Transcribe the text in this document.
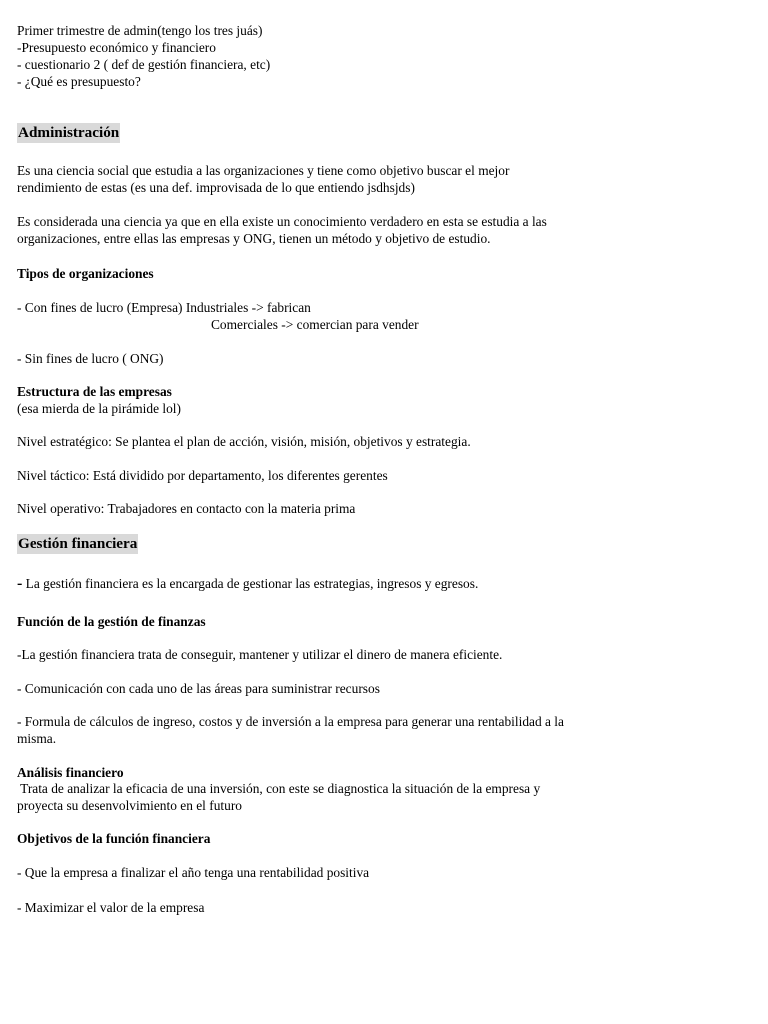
Primer trimestre de admin(tengo los tres juás)
-Presupuesto económico y financiero
- cuestionario 2 ( def de gestión financiera, etc)
- ¿Qué es presupuesto?
Administración
Es una ciencia social que estudia a las organizaciones y tiene como objetivo buscar el mejor
rendimiento de estas (es una def. improvisada de lo que entiendo jsdhsjds)
Es considerada una ciencia ya que en ella existe un conocimiento verdadero en esta se estudia a las
organizaciones, entre ellas las empresas y ONG, tienen un método y objetivo de estudio.
Tipos de organizaciones
- Con fines de lucro (Empresa) Industriales -> fabrican
Comerciales -> comercian para vender
- Sin fines de lucro ( ONG)
Estructura de las empresas
(esa mierda de la pirámide lol)
Nivel estratégico: Se plantea el plan de acción, visión, misión, objetivos y estrategia.
Nivel táctico: Está dividido por departamento, los diferentes gerentes
Nivel operativo: Trabajadores en contacto con la materia prima
Gestión financiera
- La gestión financiera es la encargada de gestionar las estrategias, ingresos y egresos.
Función de la gestión de finanzas
-La gestión financiera trata de conseguir, mantener y utilizar el dinero de manera eficiente.
- Comunicación con cada uno de las áreas para suministrar recursos
- Formula de cálculos de ingreso, costos y de inversión a la empresa para generar una rentabilidad a la
misma.
Análisis financiero
Trata de analizar la eficacia de una inversión, con este se diagnostica la situación de la empresa y
proyecta su desenvolvimiento en el futuro
Objetivos de la función financiera
- Que la empresa a finalizar el año tenga una rentabilidad positiva
- Maximizar el valor de la empresa
